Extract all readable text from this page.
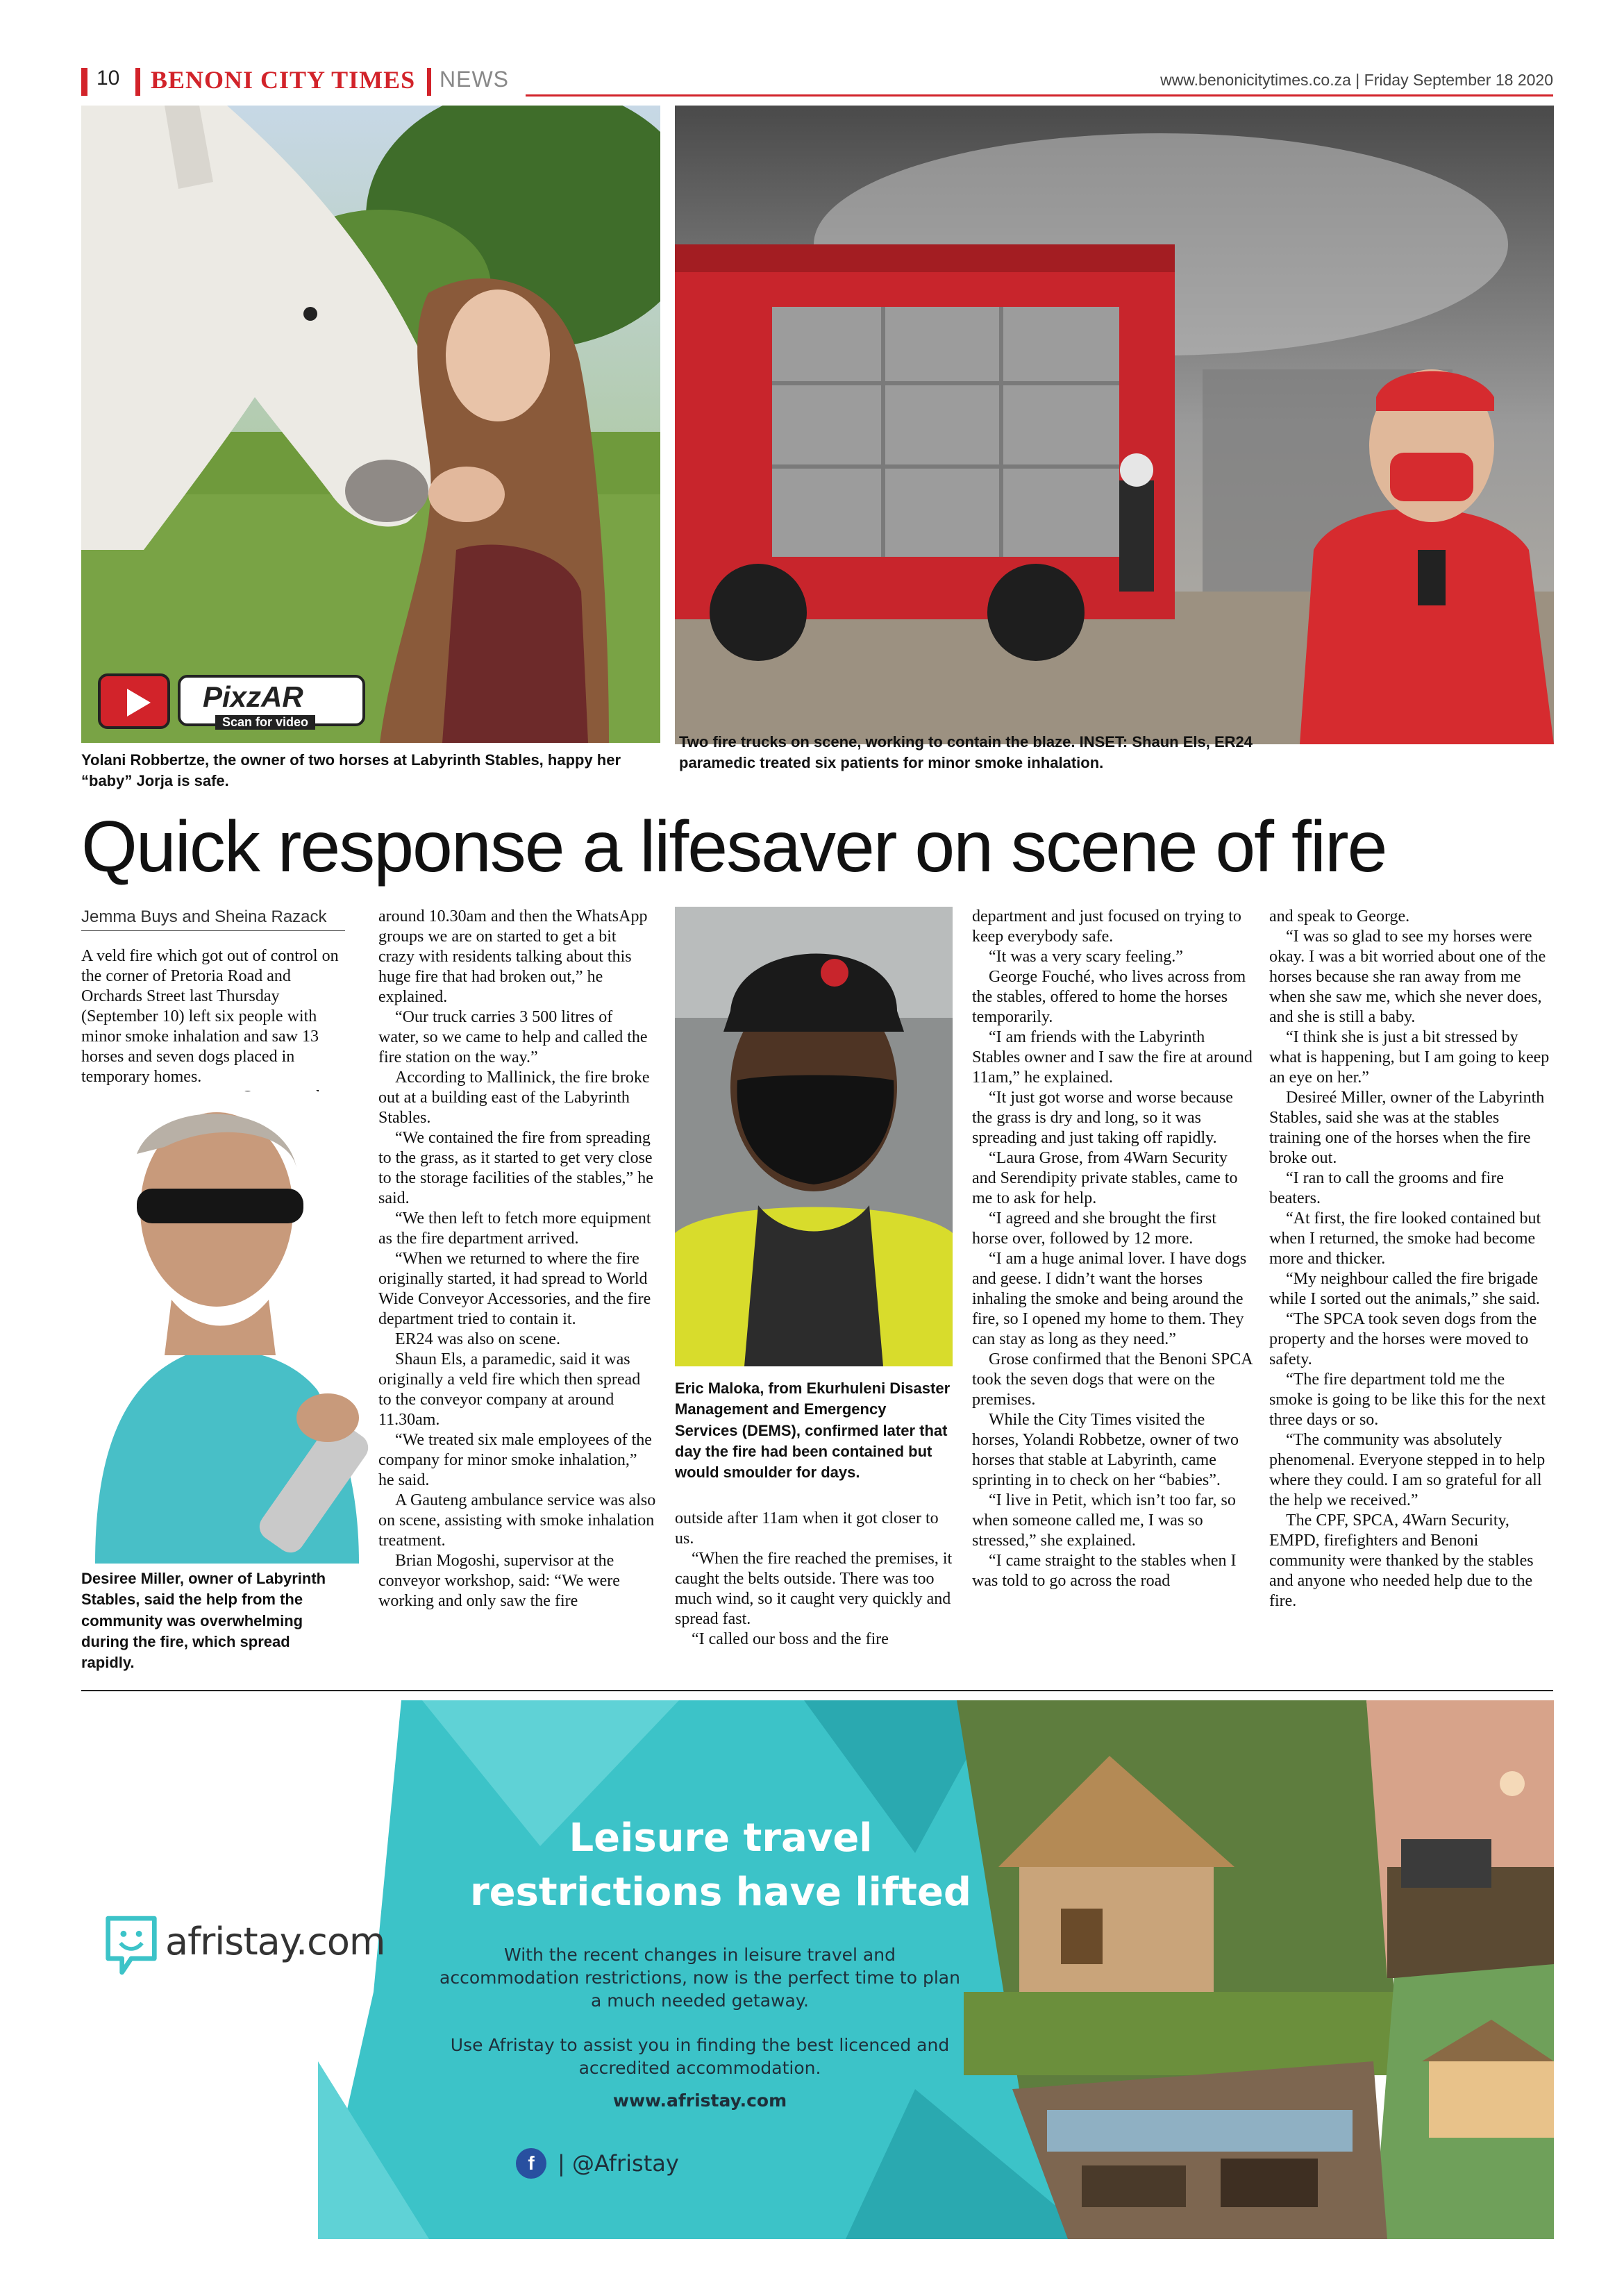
10 BENONI CITY TIMES NEWS	www.benonicitytimes.co.za | Friday September 18 2020
PixzAR
Scan for video
Yolani Robbertze, the owner of two horses at Labyrinth Stables, happy her “baby” Jorja is safe.
Two fire trucks on scene, working to contain the blaze. INSET: Shaun Els, ER24 paramedic treated six patients for minor smoke inhalation.
Quick response a lifesaver on scene of fire
Jemma Buys and Sheina Razack

A veld fire which got out of control on the corner of Pretoria Road and Orchards Street last Thursday (September 10) left six people with minor smoke inhalation and saw 13 horses and seven dogs placed in temporary homes.

Desiree Miller, owner of Labyrinth Stables, said the help from the community was overwhelming during the fire, which spread rapidly.

around 10.30am and then the WhatsApp groups we are on started to get a bit crazy with residents talking about this huge fire that had broken out,” he explained.

“Our truck carries 3 500 litres of water, so we came to help and called the fire station on the way.”

According to Mallinick, the fire broke out at a building east of the Labyrinth Stables.

“We contained the fire from spreading to the grass, as it started to get very close to the storage facilities of the stables,” he said.

“We then left to fetch more equipment as the fire department arrived.

“When we returned to where the fire originally started, it had spread to World Wide Conveyor Accessories, and the fire department tried to contain it.

ER24 was also on scene.

Shaun Els, a paramedic, said it was originally a veld fire which then spread to the conveyor company at around 11.30am.

“We treated six male employees of the company for minor smoke inhalation,” he said.

A Gauteng ambulance service was also on scene, assisting with smoke inhalation treatment.

Brian Mogoshi, supervisor at the conveyor workshop, said: “We were working and only saw the fire

Eric Maloka, from Ekurhuleni Disaster Management and Emergency Services (DEMS), confirmed later that day the fire had been contained but would smoulder for days.

outside after 11am when it got closer to us.

“When the fire reached the premises, it caught the belts outside. There was too much wind, so it caught very quickly and spread fast.

“I called our boss and the fire

department and just focused on trying to keep everybody safe.

“It was a very scary feeling.”

George Fouché, who lives across from the stables, offered to home the horses temporarily.

“I am friends with the Labyrinth Stables owner and I saw the fire at around 11am,” he explained.

“It just got worse and worse because the grass is dry and long, so it was spreading and just taking off rapidly.

“Laura Grose, from 4Warn Security and Serendipity private stables, came to me to ask for help.

“I agreed and she brought the first horse over, followed by 12 more.

“I am a huge animal lover. I have dogs and geese. I didn’t want the horses inhaling the smoke and being around the fire, so I opened my home to them. They can stay as long as they need.”

Grose confirmed that the Benoni SPCA took the seven dogs that were on the premises.

While the City Times visited the horses, Yolandi Robbetze, owner of two horses that stable at Labyrinth, came sprinting in to check on her “babies”.

“I live in Petit, which isn’t too far, so when someone called me, I was so stressed,” she explained.

“I came straight to the stables when I was told to go across the road

and speak to George.

“I was so glad to see my horses were okay. I was a bit worried about one of the horses because she ran away from me when she saw me, which she never does, and she is still a baby.

“I think she is just a bit stressed by what is happening, but I am going to keep an eye on her.”

Desireé Miller, owner of the Labyrinth Stables, said she was at the stables training one of the horses when the fire broke out.

“I ran to call the grooms and fire beaters.

“At first, the fire looked contained but when I returned, the smoke had become more and thicker.

“My neighbour called the fire brigade while I sorted out the animals,” she said.

“The SPCA took seven dogs from the property and the horses were moved to safety.

“The fire department told me the smoke is going to be like this for the next three days or so.

“The community was absolutely phenomenal. Everyone stepped in to help where they could. I am so grateful for all the help we received.”

The CPF, SPCA, 4Warn Security, EMPD, firefighters and Benoni community were thanked by the stables and anyone who needed help due to the fire.

Leisure travel
restrictions have lifted
With the recent changes in leisure travel and accommodation restrictions, now is the perfect time to plan a much needed getaway.
Use Afristay to assist you in finding the best licenced and accredited accommodation.
www.afristay.com
f	| @Afristay
afristay.com
